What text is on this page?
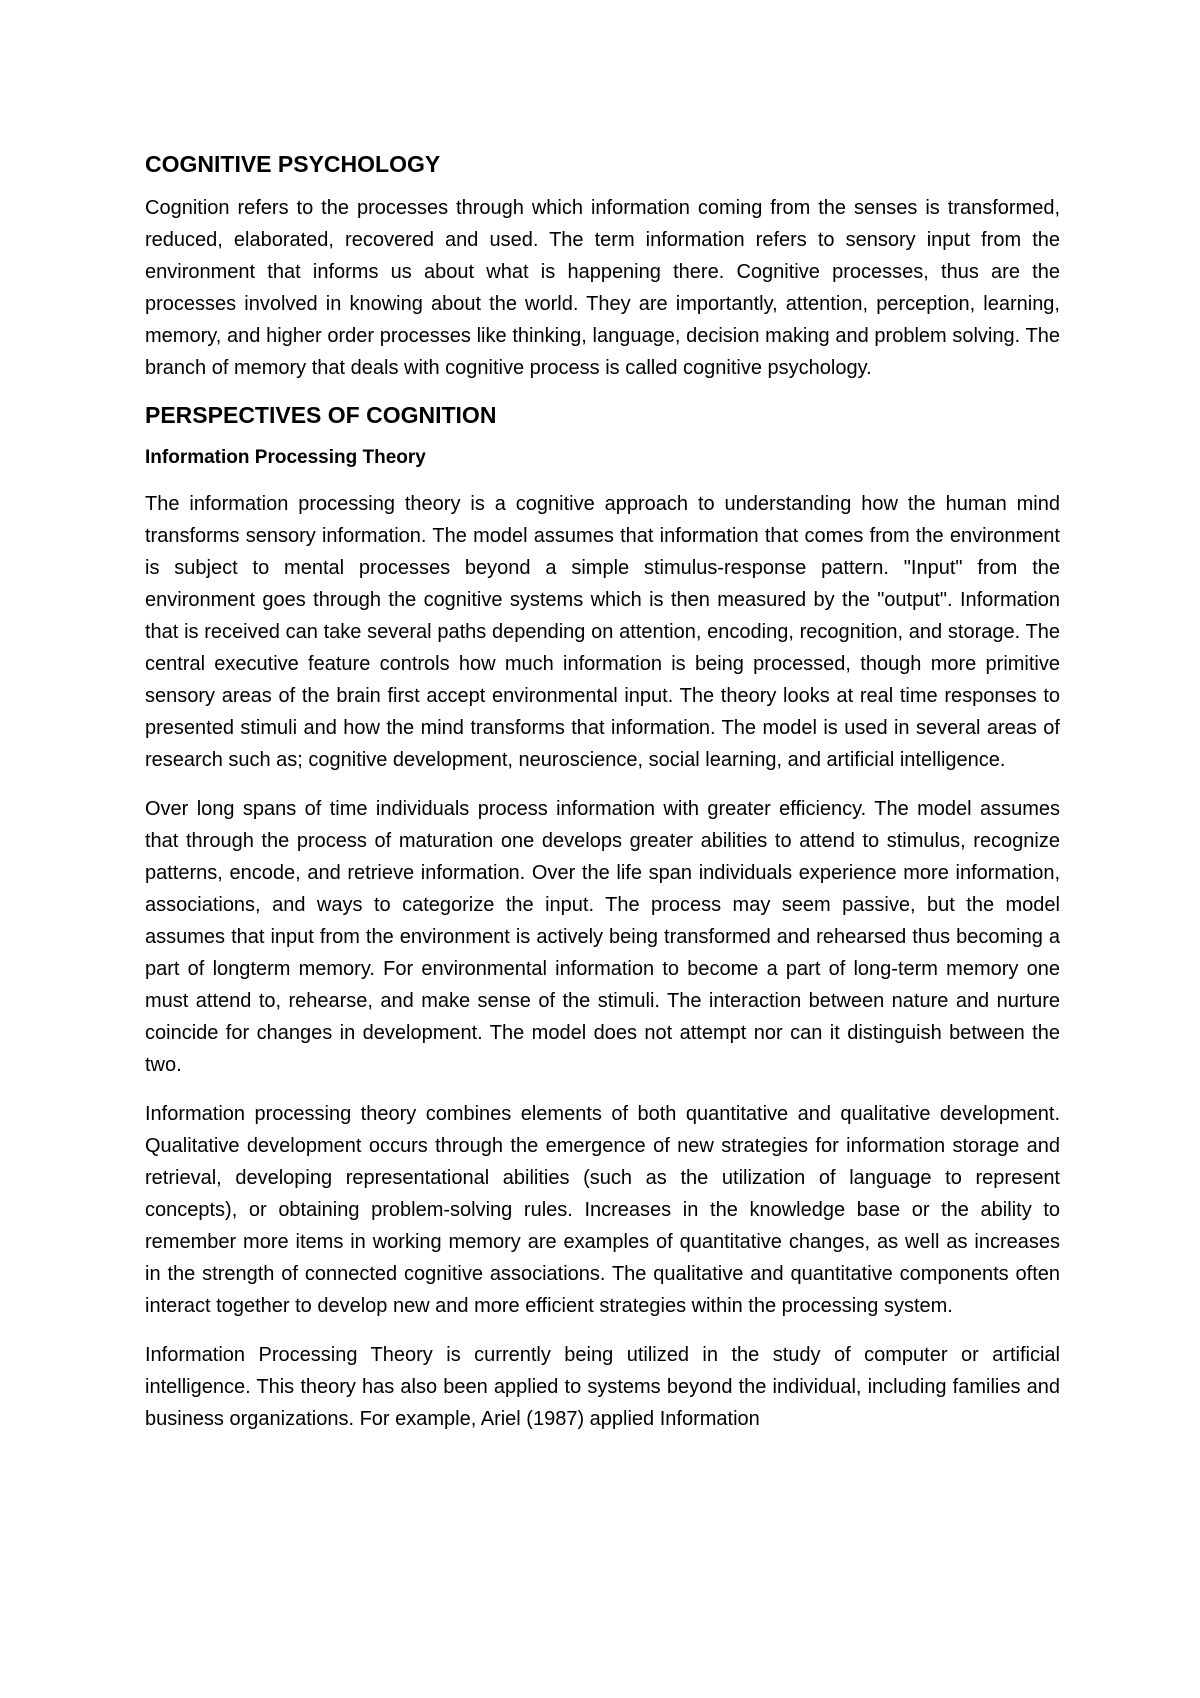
COGNITIVE PSYCHOLOGY

Cognition refers to the processes through which information coming from the senses is transformed, reduced, elaborated, recovered and used. The term information refers to sensory input from the environment that informs us about what is happening there. Cognitive processes, thus are the processes involved in knowing about the world. They are importantly, attention, perception, learning, memory, and higher order processes like thinking, language, decision making and problem solving. The branch of memory that deals with cognitive process is called cognitive psychology.

PERSPECTIVES OF COGNITION
Information Processing Theory

The information processing theory is a cognitive approach to understanding how the human mind transforms sensory information. The model assumes that information that comes from the environment is subject to mental processes beyond a simple stimulus-response pattern. "Input" from the environment goes through the cognitive systems which is then measured by the "output". Information that is received can take several paths depending on attention, encoding, recognition, and storage. The central executive feature controls how much information is being processed, though more primitive sensory areas of the brain first accept environmental input. The theory looks at real time responses to presented stimuli and how the mind transforms that information. The model is used in several areas of research such as; cognitive development, neuroscience, social learning, and artificial intelligence.

Over long spans of time individuals process information with greater efficiency. The model assumes that through the process of maturation one develops greater abilities to attend to stimulus, recognize patterns, encode, and retrieve information. Over the life span individuals experience more information, associations, and ways to categorize the input. The process may seem passive, but the model assumes that input from the environment is actively being transformed and rehearsed thus becoming a part of longterm memory. For environmental information to become a part of long-term memory one must attend to, rehearse, and make sense of the stimuli. The interaction between nature and nurture coincide for changes in development. The model does not attempt nor can it distinguish between the two.

Information processing theory combines elements of both quantitative and qualitative development. Qualitative development occurs through the emergence of new strategies for information storage and retrieval, developing representational abilities (such as the utilization of language to represent concepts), or obtaining problem-solving rules. Increases in the knowledge base or the ability to remember more items in working memory are examples of quantitative changes, as well as increases in the strength of connected cognitive associations. The qualitative and quantitative components often interact together to develop new and more efficient strategies within the processing system.

Information Processing Theory is currently being utilized in the study of computer or artificial intelligence. This theory has also been applied to systems beyond the individual, including families and business organizations. For example, Ariel (1987) applied Information
